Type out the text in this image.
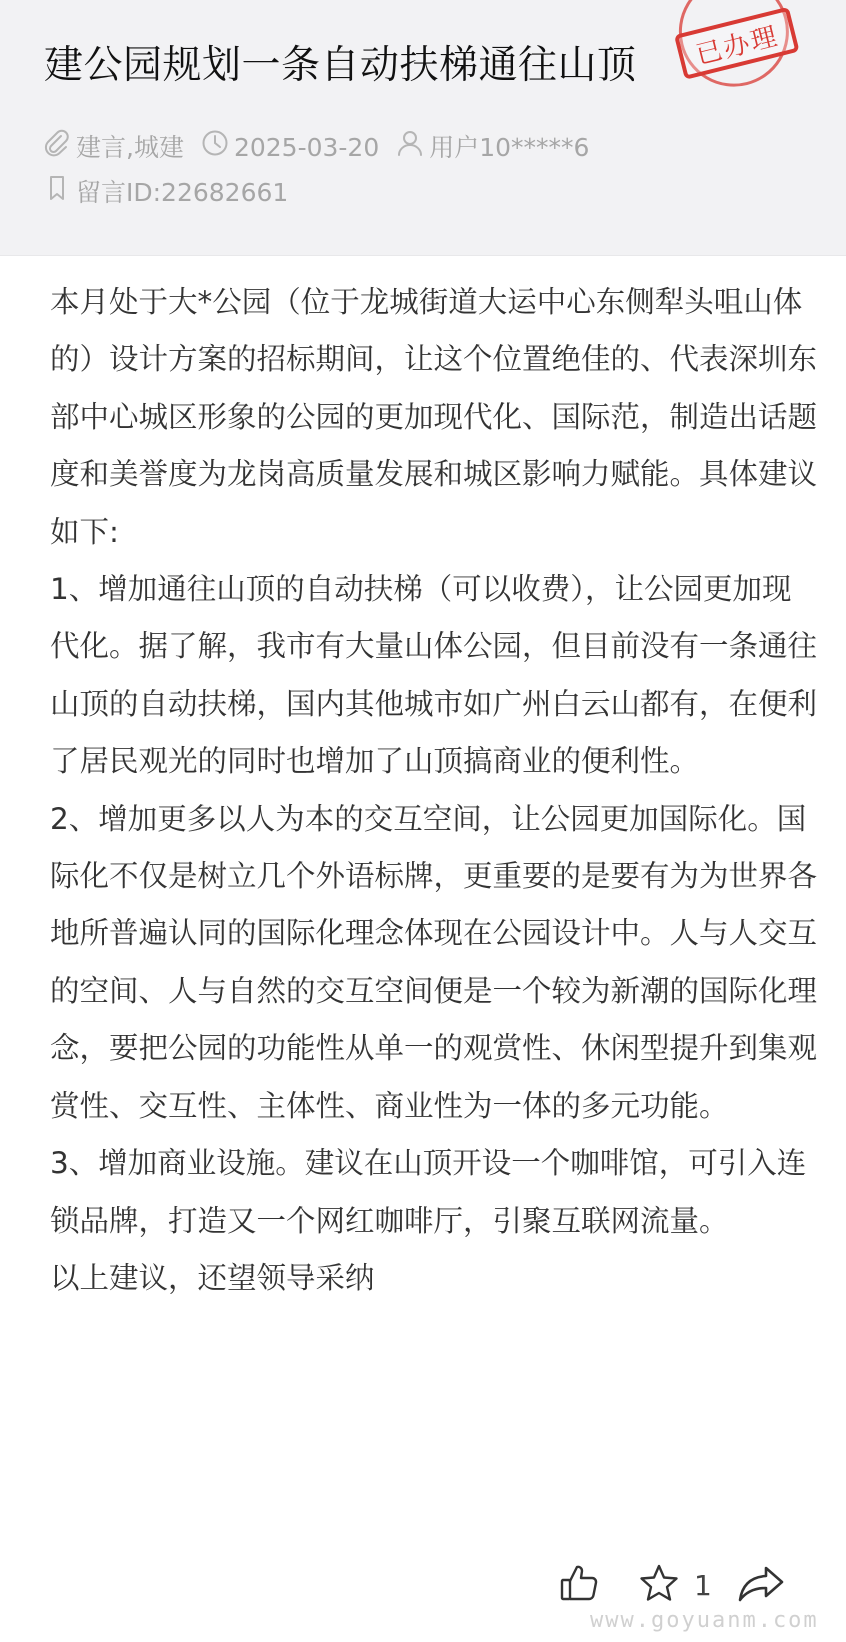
建公园规划一条自动扶梯通往山顶	已办理
建言,城建 2025-03-20 用户10*****6
留言ID:22682661

本月处于大*公园（位于龙城街道大运中心东侧犁头咀山体的）设计方案的招标期间，让这个位置绝佳的、代表深圳东部中心城区形象的公园的更加现代化、国际范，制造出话题度和美誉度为龙岗高质量发展和城区影响力赋能。具体建议如下:

1、增加通往山顶的自动扶梯（可以收费），让公园更加现代化。据了解，我市有大量山体公园，但目前没有一条通往山顶的自动扶梯，国内其他城市如广州白云山都有，在便利了居民观光的同时也增加了山顶搞商业的便利性。

2、增加更多以人为本的交互空间，让公园更加国际化。国际化不仅是树立几个外语标牌，更重要的是要有为为世界各地所普遍认同的国际化理念体现在公园设计中。人与人交互的空间、人与自然的交互空间便是一个较为新潮的国际化理念，要把公园的功能性从单一的观赏性、休闲型提升到集观赏性、交互性、主体性、商业性为一体的多元功能。

3、增加商业设施。建议在山顶开设一个咖啡馆，可引入连锁品牌，打造又一个网红咖啡厅，引聚互联网流量。

以上建议，还望领导采纳

1
www.goyuanm.com
